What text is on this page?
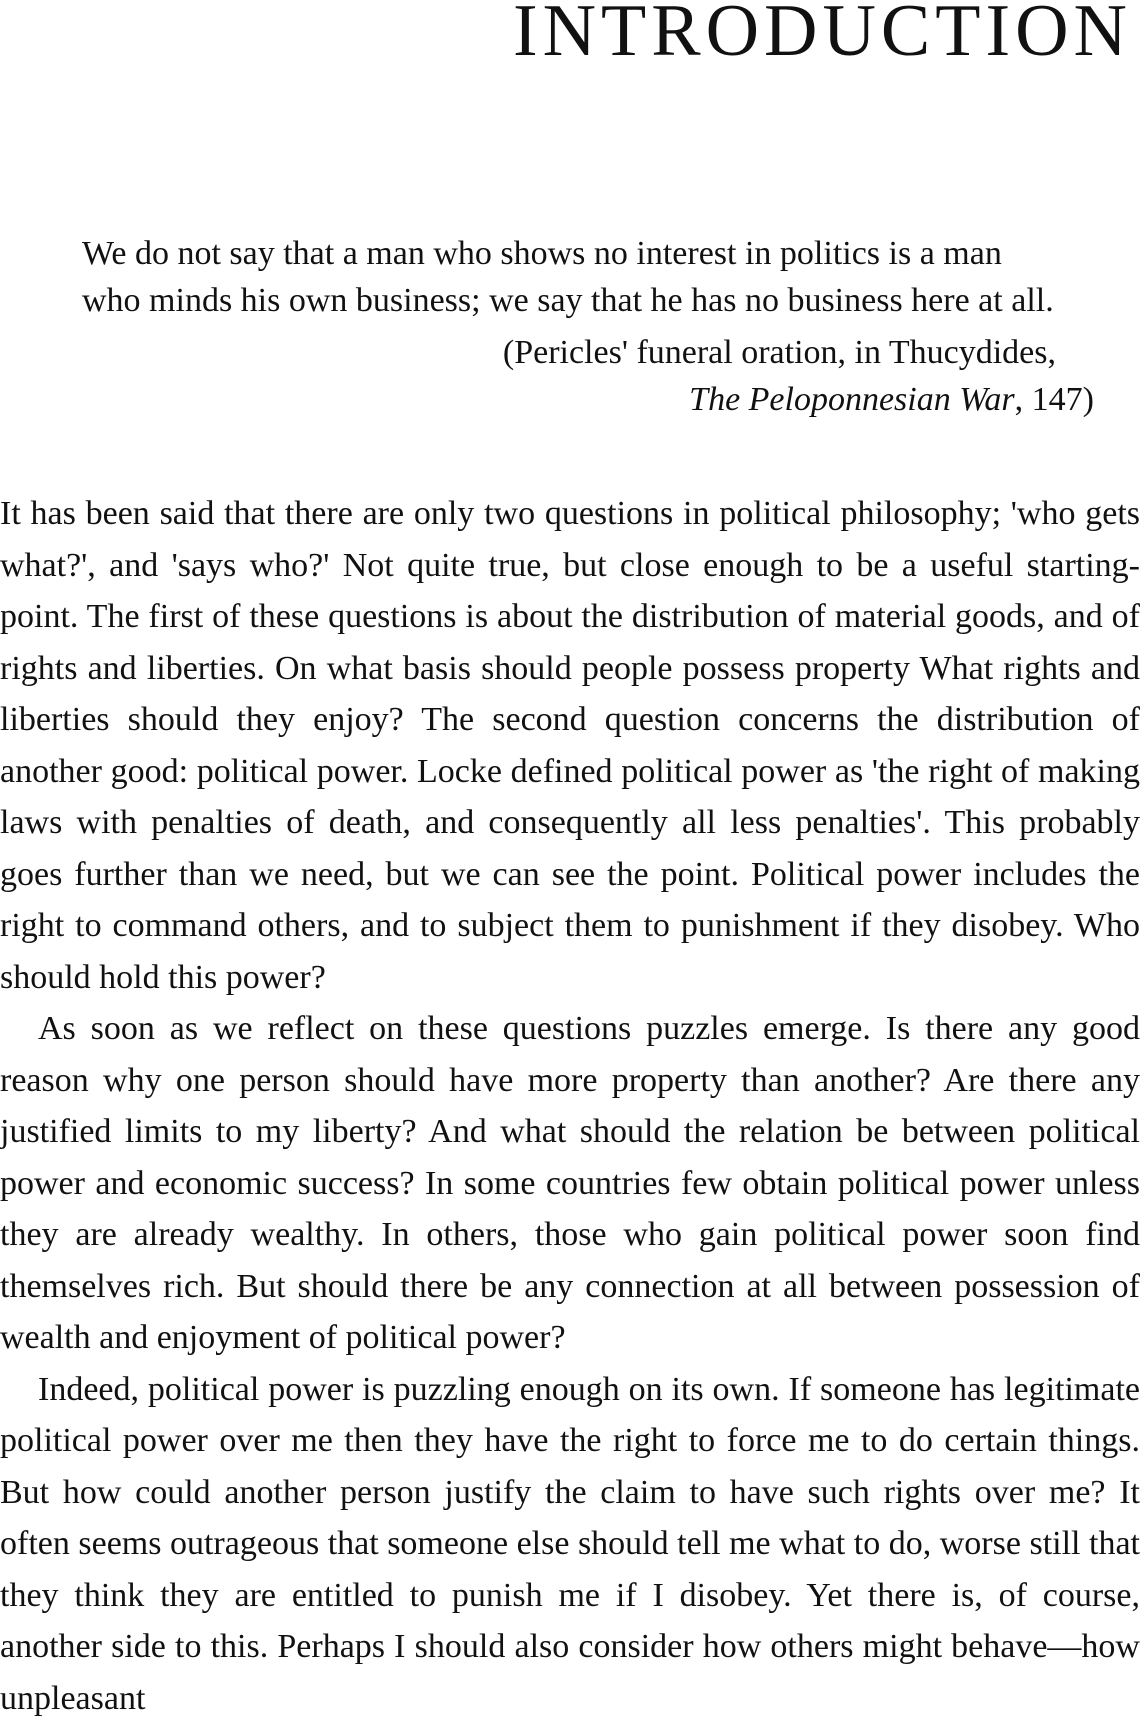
INTRODUCTION

We do not say that a man who shows no interest in politics is a man who minds his own business; we say that he has no business here at all.

(Pericles' funeral oration, in Thucydides,
The Peloponnesian War, 147)

It has been said that there are only two questions in political philosophy; 'who gets what?', and 'says who?' Not quite true, but close enough to be a useful starting-point. The first of these questions is about the distribution of material goods, and of rights and liberties. On what basis should people possess property What rights and liberties should they enjoy? The second question concerns the distribution of another good: political power. Locke defined political power as 'the right of making laws with penalties of death, and consequently all less penalties'. This probably goes further than we need, but we can see the point. Political power includes the right to command others, and to subject them to punishment if they disobey. Who should hold this power?

As soon as we reflect on these questions puzzles emerge. Is there any good reason why one person should have more property than another? Are there any justified limits to my liberty? And what should the relation be between political power and economic success? In some countries few obtain political power unless they are already wealthy. In others, those who gain political power soon find themselves rich. But should there be any connection at all between possession of wealth and enjoyment of political power?

Indeed, political power is puzzling enough on its own. If someone has legitimate political power over me then they have the right to force me to do certain things. But how could another person justify the claim to have such rights over me? It often seems outrageous that someone else should tell me what to do, worse still that they think they are entitled to punish me if I disobey. Yet there is, of course, another side to this. Perhaps I should also consider how others might behave—how unpleasant
